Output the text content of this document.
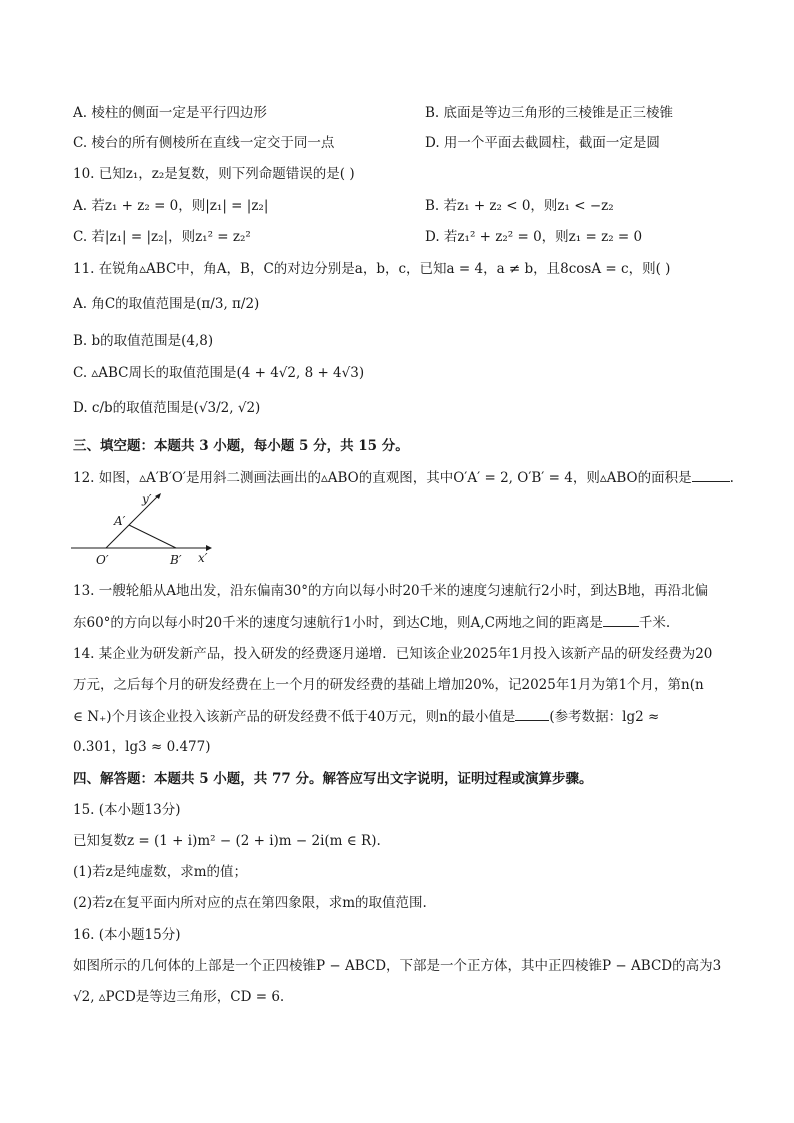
A. 棱柱的侧面一定是平行四边形	B. 底面是等边三角形的三棱锥是正三棱锥
C. 棱台的所有侧棱所在直线一定交于同一点	D. 用一个平面去截圆柱，截面一定是圆
10. 已知z₁，z₂是复数，则下列命题错误的是( )
A. 若z₁ + z₂ = 0，则|z₁| = |z₂|	B. 若z₁ + z₂ < 0，则z₁ < −z₂
C. 若|z₁| = |z₂|，则z₁² = z₂²	D. 若z₁² + z₂² = 0，则z₁ = z₂ = 0
11. 在锐角▵ABC中，角A，B，C的对边分别是a，b，c，已知a = 4，a ≠ b，且8cosA = c，则( )
A. 角C的取值范围是(π/3, π/2)
B. b的取值范围是(4,8)
C. ▵ABC周长的取值范围是(4 + 4√2, 8 + 4√3)
D. c/b的取值范围是(√3/2, √2)
三、填空题：本题共 3 小题，每小题 5 分，共 15 分。
12. 如图，▵A′B′O′是用斜二测画法画出的▵ABO的直观图，其中O′A′ = 2, O′B′ = 4，则▵ABO的面积是	.
y′
A′
O′	B′ x′
13. 一艘轮船从A地出发，沿东偏南30°的方向以每小时20千米的速度匀速航行2小时，到达B地，再沿北偏
东60°的方向以每小时20千米的速度匀速航行1小时，到达C地，则A,C两地之间的距离是	千米.
14. 某企业为研发新产品，投入研发的经费逐月递增．已知该企业2025年1月投入该新产品的研发经费为20
万元，之后每个月的研发经费在上一个月的研发经费的基础上增加20%，记2025年1月为第1个月，第n(n
∈ N₊)个月该企业投入该新产品的研发经费不低于40万元，则n的最小值是	(参考数据：lg2 ≈
0.301，lg3 ≈ 0.477)
四、解答题：本题共 5 小题，共 77 分。解答应写出文字说明，证明过程或演算步骤。
15. (本小题13分)
已知复数z = (1 + i)m² − (2 + i)m − 2i(m ∈ R).
(1)若z是纯虚数，求m的值；
(2)若z在复平面内所对应的点在第四象限，求m的取值范围.
16. (本小题15分)
如图所示的几何体的上部是一个正四棱锥P − ABCD，下部是一个正方体，其中正四棱锥P − ABCD的高为3
√2, ▵PCD是等边三角形，CD = 6.
